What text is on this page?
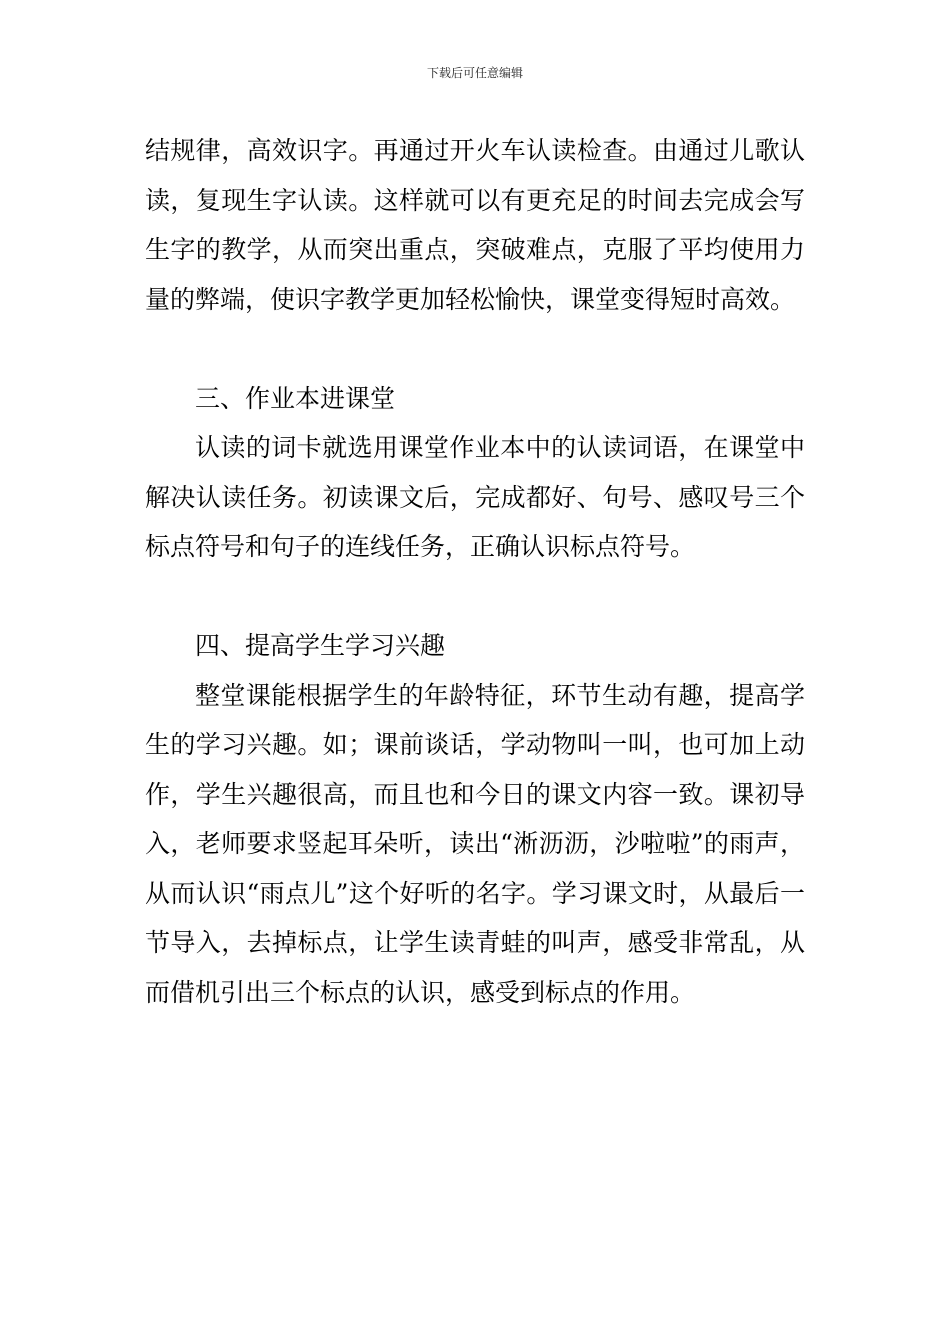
下载后可任意编辑

结规律，高效识字。再通过开火车认读检查。由通过儿歌认读，复现生字认读。这样就可以有更充足的时间去完成会写生字的教学，从而突出重点，突破难点，克服了平均使用力量的弊端，使识字教学更加轻松愉快，课堂变得短时高效。

三、作业本进课堂

认读的词卡就选用课堂作业本中的认读词语，在课堂中解决认读任务。初读课文后，完成都好、句号、感叹号三个标点符号和句子的连线任务，正确认识标点符号。

四、提高学生学习兴趣

整堂课能根据学生的年龄特征，环节生动有趣，提高学生的学习兴趣。如；课前谈话，学动物叫一叫，也可加上动作，学生兴趣很高，而且也和今日的课文内容一致。课初导入，老师要求竖起耳朵听，读出“淅沥沥，沙啦啦”的雨声，从而认识“雨点儿”这个好听的名字。学习课文时，从最后一节导入，去掉标点，让学生读青蛙的叫声，感受非常乱，从而借机引出三个标点的认识，感受到标点的作用。
